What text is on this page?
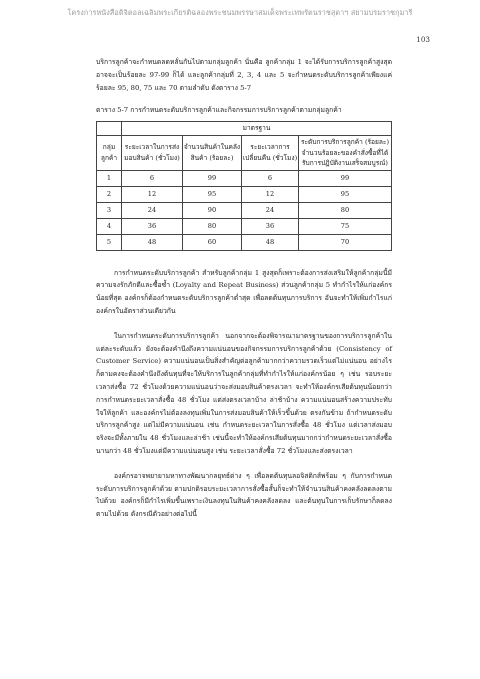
โครงการหนังสือดิจิตอลเฉลิมพระเกียรติฉลองพระชนมพรรษาสมเด็จพระเทพรัตนราชสุดาฯ สยามบรมราชกุมารี
103

บริการลูกค้าจะกำหนดลดหลั่นกันไปตามกลุ่มลูกค้า นั่นคือ ลูกค้ากลุ่ม 1 จะได้รับการบริการลูกค้าสูงสุด อาจจะเป็นร้อยละ 97-99 ก็ได้ และลูกค้ากลุ่มที่ 2, 3, 4 และ 5 จะกำหนดระดับบริการลูกค้าเพียงแค่ร้อยละ 95, 80, 75 และ 70 ตามลำดับ ดังตาราง 5-7

ตาราง 5-7 การกำหนดระดับบริการลูกค้าและกิจกรรมการบริการลูกค้าตามกลุ่มลูกค้า

	มาตรฐาน			
กลุ่มลูกค้า	ระยะเวลาในการส่งมอบสินค้า (ชั่วโมง)	จำนวนสินค้าในคลังสินค้า (ร้อยละ)	ระยะเวลาการเปลี่ยนคืน (ชั่วโมง)	ระดับการบริการลูกค้า (ร้อยละ) จำนวนร้อยละของคำสั่งซื้อที่ได้รับการปฏิบัติงานเสร็จสมบูรณ์)
1	6	99	6	99
2	12	95	12	95
3	24	90	24	80
4	36	80	36	75
5	48	60	48	70

การกำหนดระดับบริการลูกค้า สำหรับลูกค้ากลุ่ม 1 สูงสุดก็เพราะต้องการส่งเสริมให้ลูกค้ากลุ่มนี้มีความจงรักภักดีและซื้อซ้ำ (Loyalty and Repeat Business) ส่วนลูกค้ากลุ่ม 5 ทำกำไรให้แก่องค์กรน้อยที่สุด องค์กรก็ต้องกำหนดระดับบริการลูกค้าต่ำสุด เพื่อลดต้นทุนการบริการ อันจะทำให้เพิ่มกำไรแก่องค์กรในอัตราส่วนเดียวกัน

ในการกำหนดระดับการบริการลูกค้า นอกจากจะต้องพิจารณามาตรฐานของการบริการลูกค้าในแต่ละระดับแล้ว ยังจะต้องคำนึงถึงความแน่นอนของกิจกรรมการบริการลูกค้าด้วย (Consistency of Customer Service) ความแน่นอนเป็นสิ่งสำคัญต่อลูกค้ามากกว่าความรวดเร็วแต่ไม่แน่นอน อย่างไรก็ตามคงจะต้องคำนึงถึงต้นทุนที่จะให้บริการในลูกค้ากลุ่มที่ทำกำไรให้แก่องค์กรน้อย ๆ เช่น รอบระยะเวลาส่งซื้อ 72 ชั่วโมงด้วยความแน่นอนว่าจะส่งมอบสินค้าตรงเวลา จะทำให้องค์กรเสียต้นทุนน้อยกว่าการกำหนดระยะเวลาสั่งซื้อ 48 ชั่วโมง แต่ส่งตรงเวลาบ้าง ล่าช้าบ้าง ความแน่นอนสร้างความประทับใจให้ลูกค้า และองค์กรไม่ต้องลงทุนเพิ่มในการส่งมอบสินค้าให้เร็วขึ้นด้วย ตรงกันข้าม ถ้ากำหนดระดับบริการลูกค้าสูง แต่ไม่มีความแน่นอน เช่น กำหนดระยะเวลาในการสั่งซื้อ 48 ชั่วโมง แต่เวลาส่งมอบจริงจะมีทั้งภายใน 48 ชั่วโมงและล่าช้า เช่นนี้จะทำให้องค์กรเสียต้นทุนมากกว่ากำหนดระยะเวลาสั่งซื้อนานกว่า 48 ชั่วโมงแต่มีความแน่นอนสูง เช่น ระยะเวลาสั่งซื้อ 72 ชั่วโมงและส่งตรงเวลา

องค์กรอาจพยายามหาทางพัฒนากลยุทธ์ต่าง ๆ เพื่อลดต้นทุนลอจิสติกส์พร้อม ๆ กับการกำหนดระดับการบริการลูกค้าด้วย ตามปกติรอบระยะเวลาการสั่งซื้อสั้นก็จะทำให้จำนวนสินค้าคงคลังลดลงตามไปด้วย องค์กรก็มีกำไรเพิ่มขึ้นเพราะเงินลงทุนในสินค้าคงคลังลดลง และต้นทุนในการเก็บรักษาก็ลดลงตามไปด้วย ดังกรณีตัวอย่างต่อไปนี้
